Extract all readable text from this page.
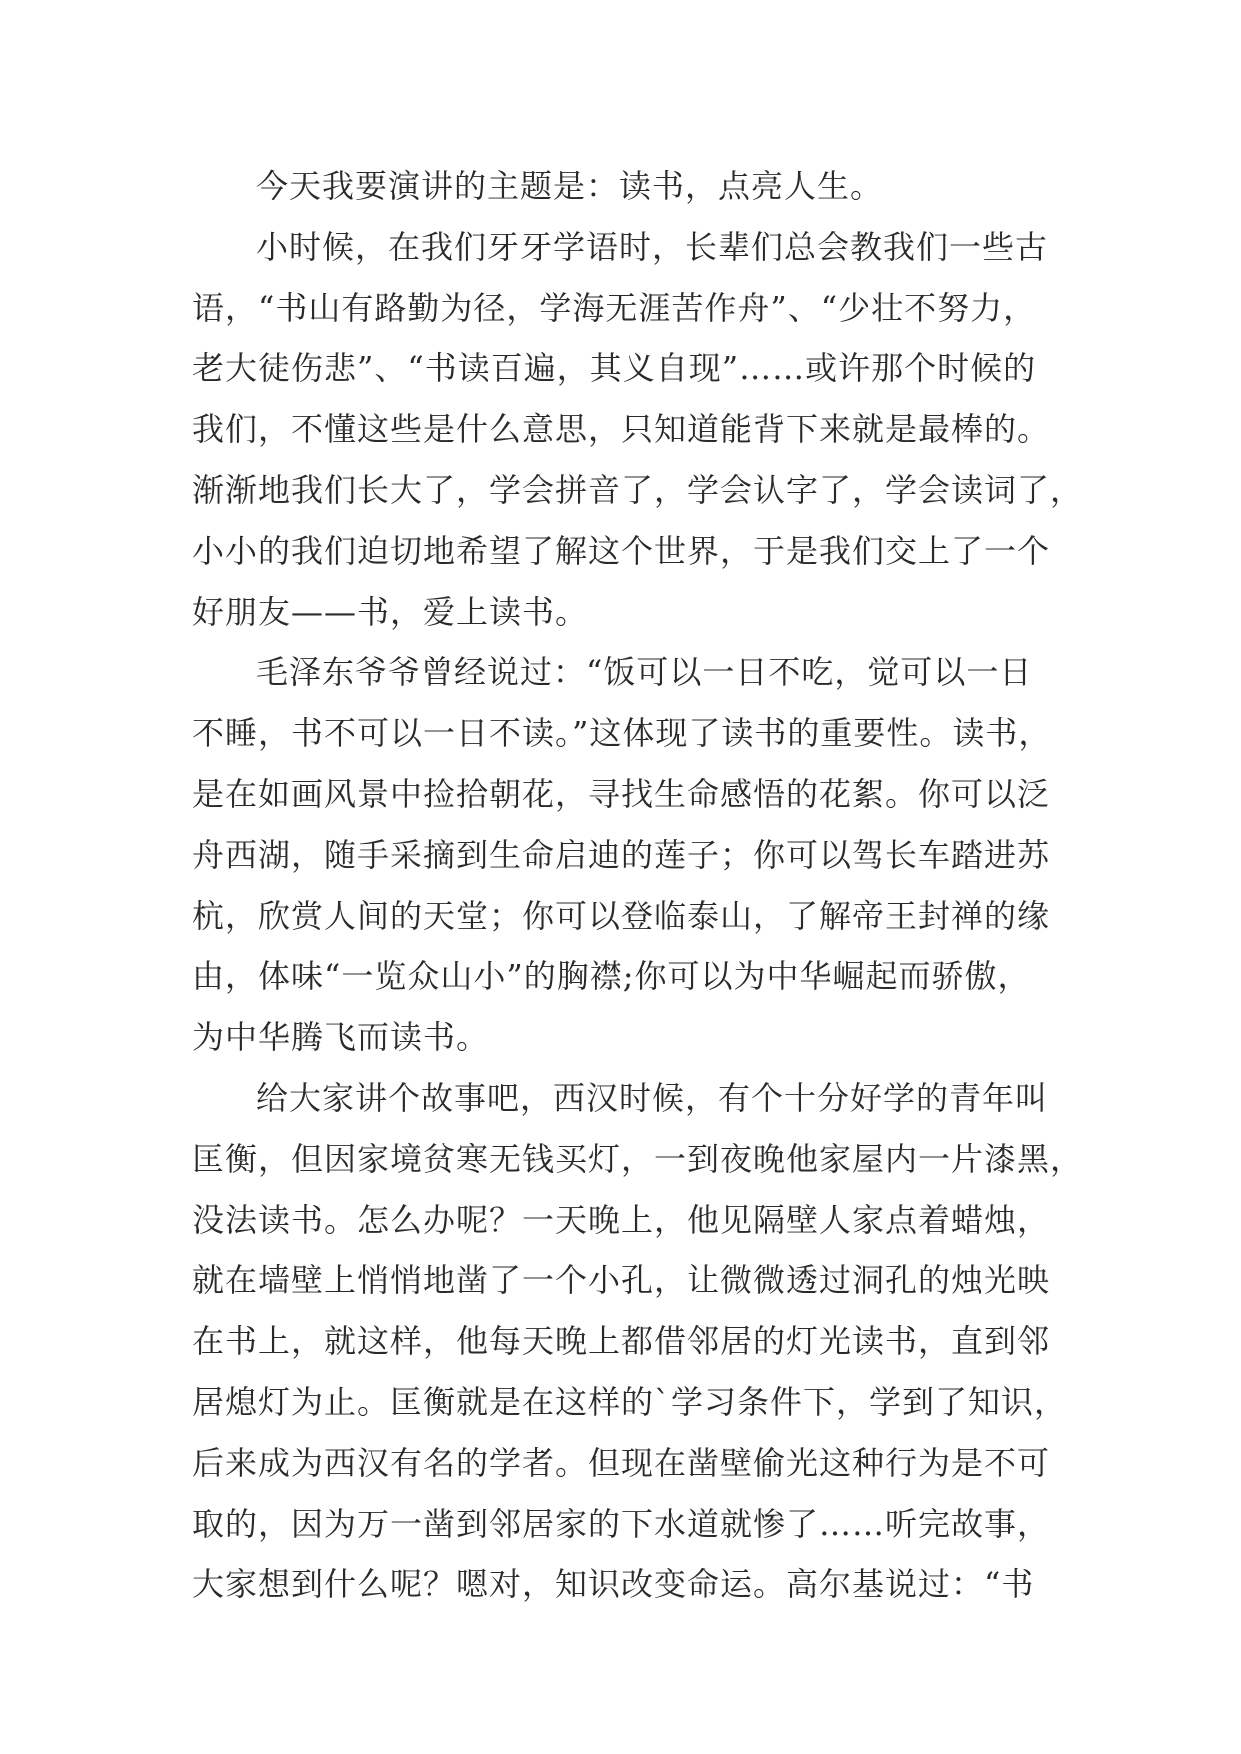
今天我要演讲的主题是：读书，点亮人生。
小时候，在我们牙牙学语时，长辈们总会教我们一些古
语，“书山有路勤为径，学海无涯苦作舟”、“少壮不努力，
老大徒伤悲”、“书读百遍，其义自现”……或许那个时候的
我们，不懂这些是什么意思，只知道能背下来就是最棒的。
渐渐地我们长大了，学会拼音了，学会认字了，学会读词了，
小小的我们迫切地希望了解这个世界，于是我们交上了一个
好朋友——书，爱上读书。
毛泽东爷爷曾经说过：“饭可以一日不吃，觉可以一日
不睡，书不可以一日不读。”这体现了读书的重要性。读书，
是在如画风景中捡拾朝花，寻找生命感悟的花絮。你可以泛
舟西湖，随手采摘到生命启迪的莲子；你可以驾长车踏进苏
杭，欣赏人间的天堂；你可以登临泰山，了解帝王封禅的缘
由，体味“一览众山小”的胸襟;你可以为中华崛起而骄傲，
为中华腾飞而读书。
给大家讲个故事吧，西汉时候，有个十分好学的青年叫
匡衡，但因家境贫寒无钱买灯，一到夜晚他家屋内一片漆黑，
没法读书。怎么办呢？一天晚上，他见隔壁人家点着蜡烛，
就在墙壁上悄悄地凿了一个小孔，让微微透过洞孔的烛光映
在书上，就这样，他每天晚上都借邻居的灯光读书，直到邻
居熄灯为止。匡衡就是在这样的`学习条件下，学到了知识，
后来成为西汉有名的学者。但现在凿壁偷光这种行为是不可
取的，因为万一凿到邻居家的下水道就惨了……听完故事，
大家想到什么呢？嗯对，知识改变命运。高尔基说过：“书
